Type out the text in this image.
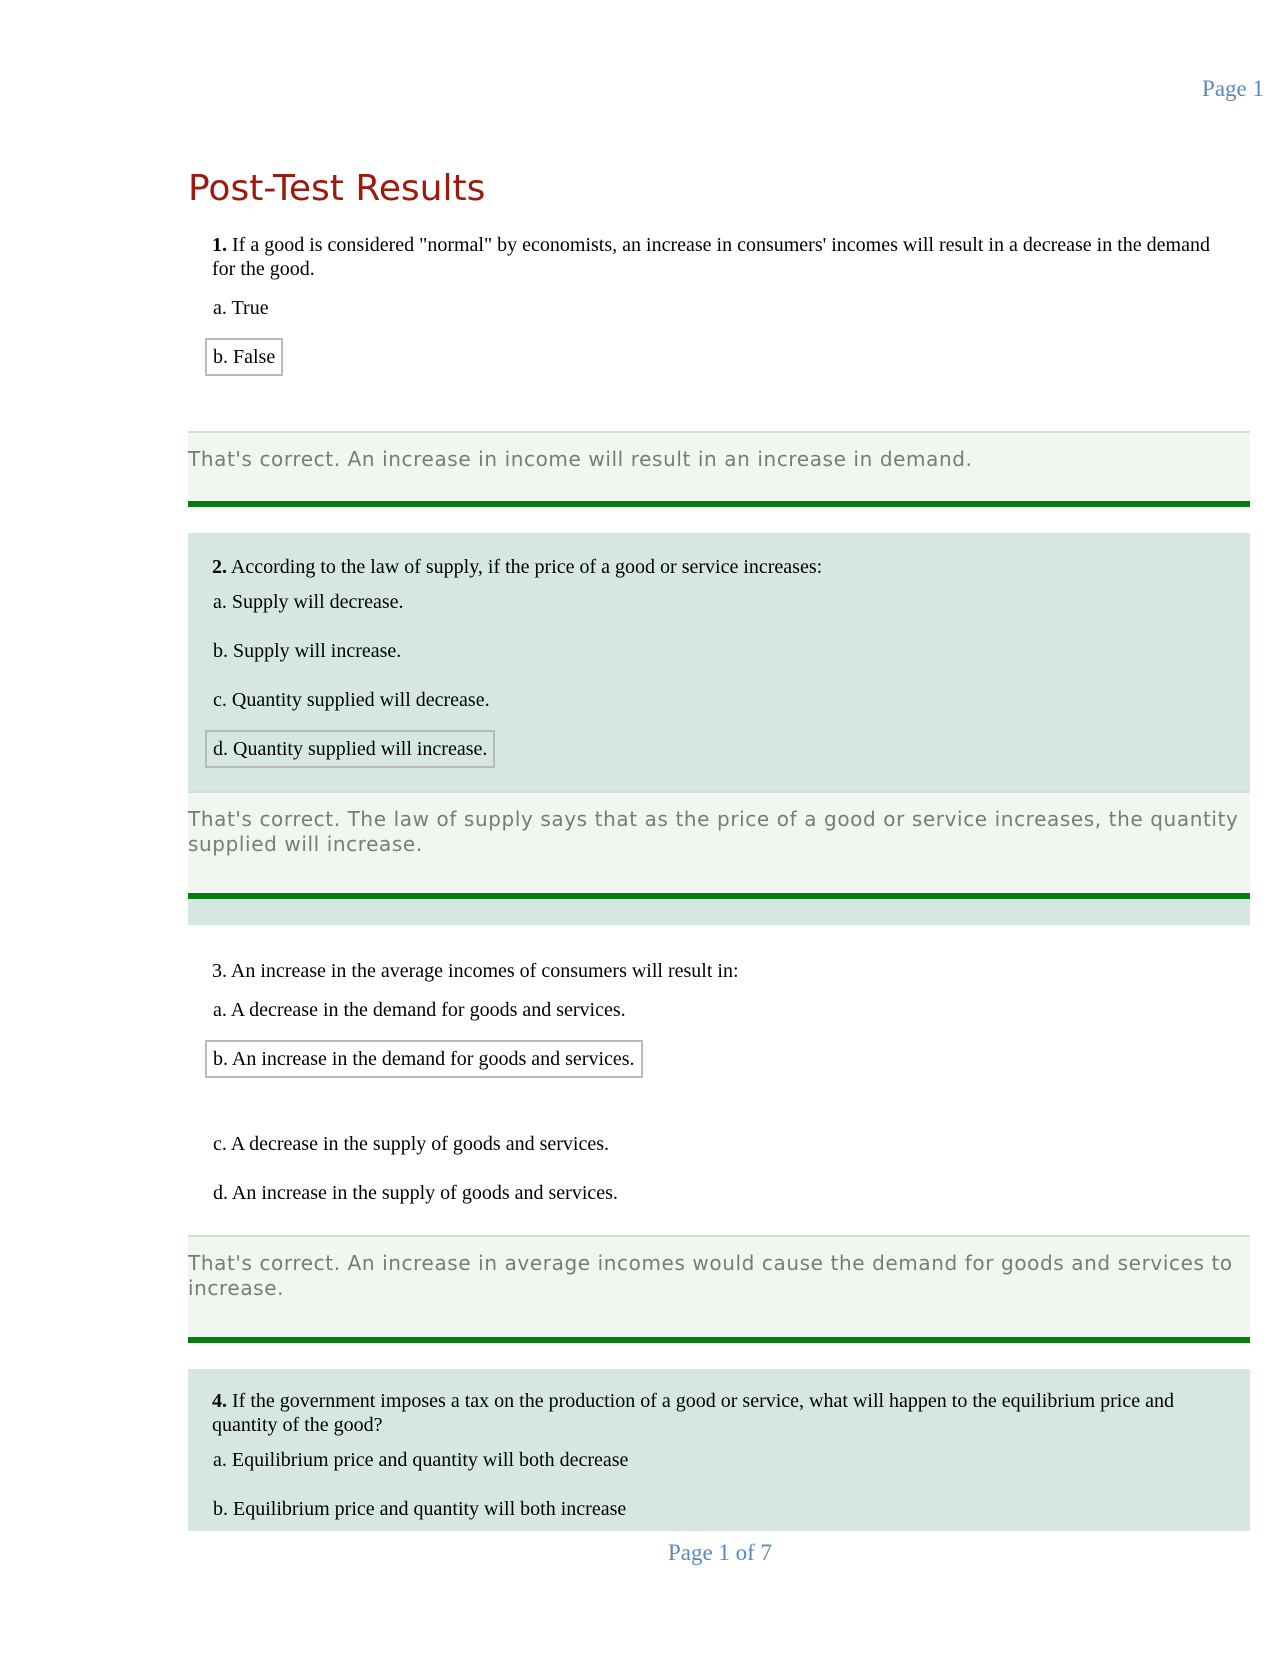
Page 1
Post-Test Results
1. If a good is considered "normal" by economists, an increase in consumers' incomes will result in a decrease in the demand for the good.
a. True
b. False
That's correct. An increase in income will result in an increase in demand.
2. According to the law of supply, if the price of a good or service increases:
a. Supply will decrease.
b. Supply will increase.
c. Quantity supplied will decrease.
d. Quantity supplied will increase.
That's correct. The law of supply says that as the price of a good or service increases, the quantity supplied will increase.
3. An increase in the average incomes of consumers will result in:
a. A decrease in the demand for goods and services.
b. An increase in the demand for goods and services.
c. A decrease in the supply of goods and services.
d. An increase in the supply of goods and services.
That's correct. An increase in average incomes would cause the demand for goods and services to increase.
4. If the government imposes a tax on the production of a good or service, what will happen to the equilibrium price and quantity of the good?
a. Equilibrium price and quantity will both decrease
b. Equilibrium price and quantity will both increase
Page 1 of 7
